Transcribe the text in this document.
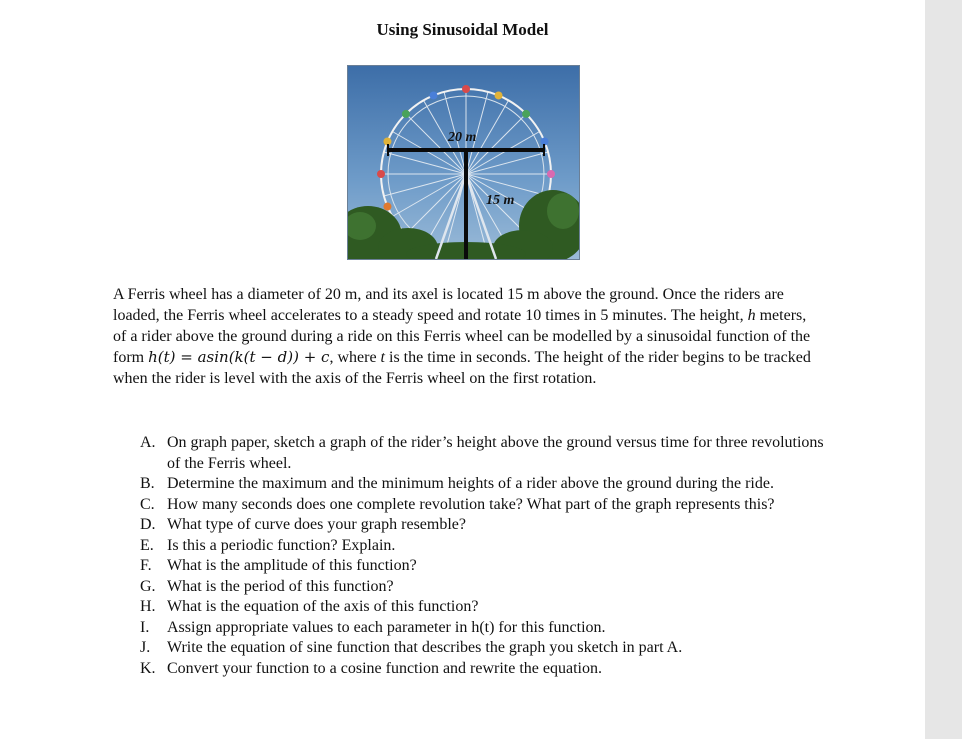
Using Sinusoidal Model
20 m
15 m
A Ferris wheel has a diameter of 20 m, and its axel is located 15 m above the ground. Once the riders are loaded, the Ferris wheel accelerates to a steady speed and rotate 10 times in 5 minutes. The height, h meters, of a rider above the ground during a ride on this Ferris wheel can be modelled by a sinusoidal function of the form h(t) = asin(k(t − d)) + c, where t is the time in seconds. The height of the rider begins to be tracked when the rider is level with the axis of the Ferris wheel on the first rotation.
A. On graph paper, sketch a graph of the rider’s height above the ground versus time for three revolutions of the Ferris wheel.
B. Determine the maximum and the minimum heights of a rider above the ground during the ride.
C. How many seconds does one complete revolution take? What part of the graph represents this?
D. What type of curve does your graph resemble?
E. Is this a periodic function? Explain.
F. What is the amplitude of this function?
G. What is the period of this function?
H. What is the equation of the axis of this function?
I.	Assign appropriate values to each parameter in h(t) for this function.
J.	Write the equation of sine function that describes the graph you sketch in part A.
K. Convert your function to a cosine function and rewrite the equation.
